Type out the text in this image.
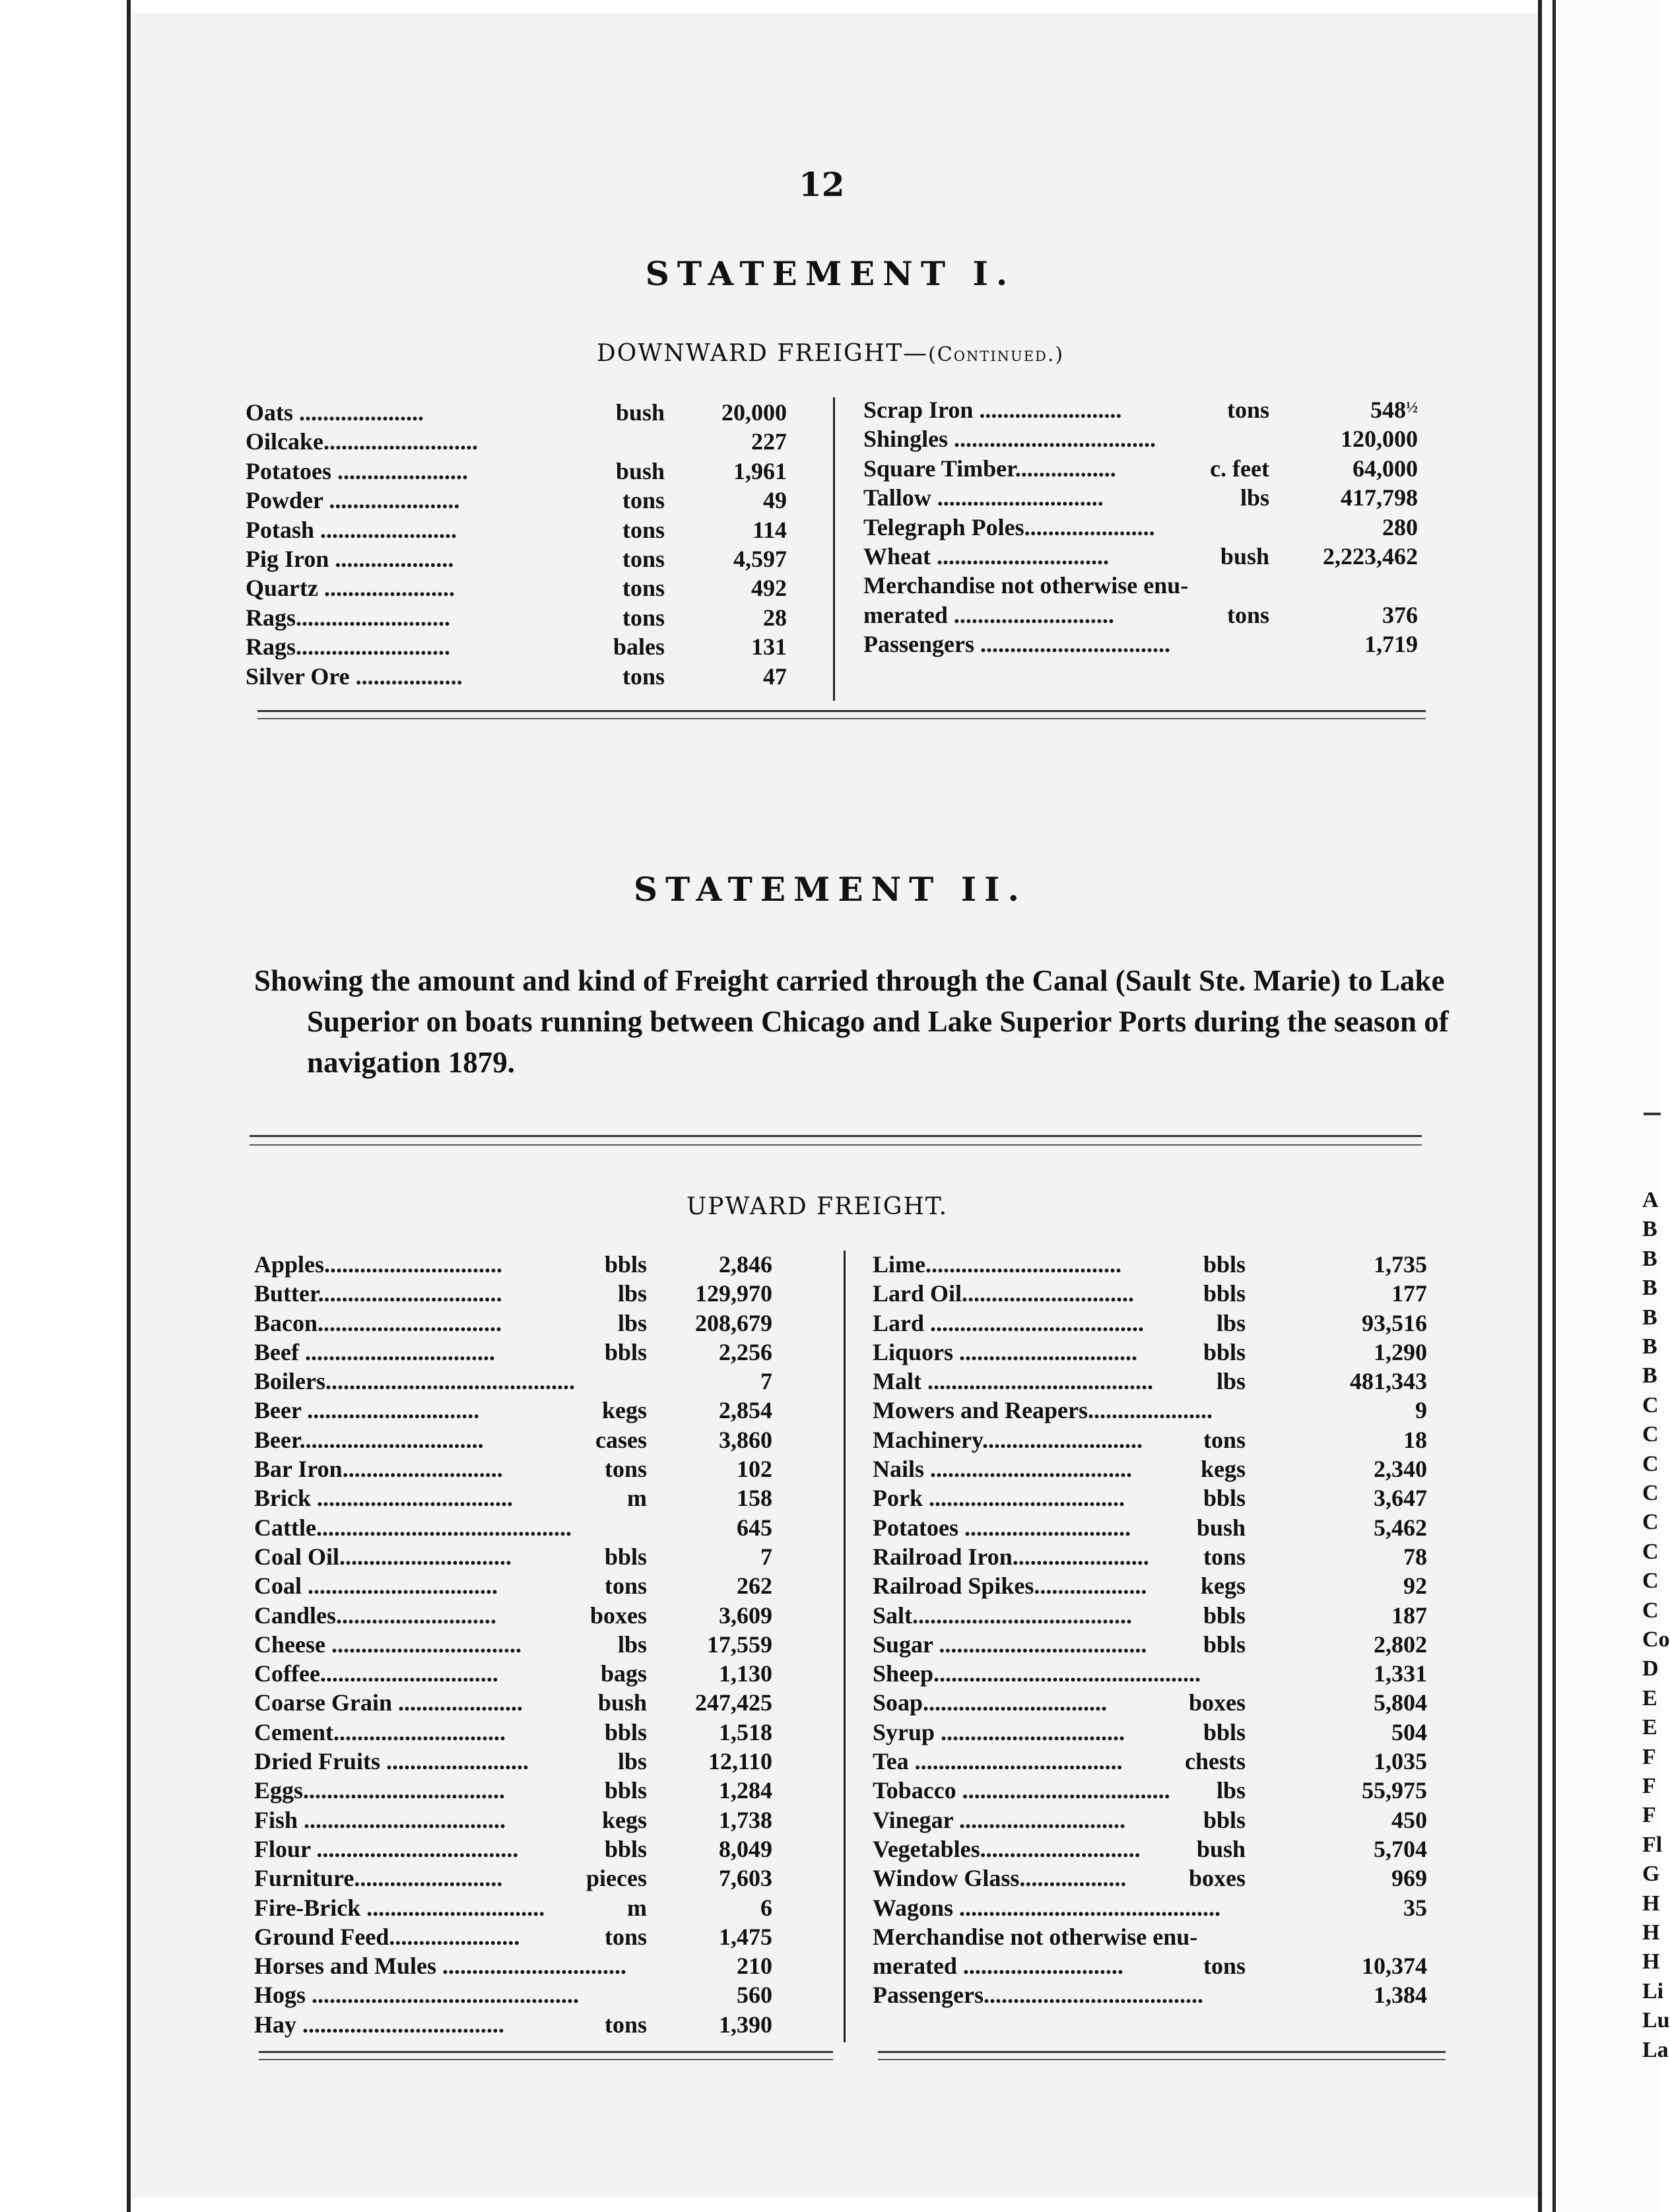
A
B
B
B
B
B
B
C
C
C
C
C
C
C
C
Co
D
E
E
F
F
F
Fl
G
H
H
H
Li
Lu
La
12
STATEMENT I.
DOWNWARD FREIGHT—(Continued.)
Oats .....................	bush	20,000
Oilcake..........................	227
Potatoes ......................	bush	1,961
Powder ......................	tons	49
Potash .......................	tons	114
Pig Iron ....................	tons	4,597
Quartz ......................	tons	492
Rags..........................	tons	28
Rags..........................	bales	131
Silver Ore ..................	tons	47
Scrap Iron ........................	tons	$548^{\frac{1}{2}}$
Shingles ..................................	120,000
Square Timber.................	c. feet	64,000
Tallow ............................	lbs	417,798
Telegraph Poles......................	280
Wheat .............................	bush	2,223,462
Merchandise not otherwise enu-
merated ...........................	tons	376
Passengers ................................	1,719
STATEMENT II.
Showing the amount and kind of Freight carried through the Canal (Sault Ste. Marie) to Lake Superior on boats running between Chicago and Lake Superior Ports during the season of navigation 1879.
UPWARD FREIGHT.
Apples..............................	bbls	2,846
Butter...............................	lbs	129,970
Bacon...............................	lbs	208,679
Beef ................................	bbls	2,256
Boilers..........................................	7
Beer .............................	kegs	2,854
Beer...............................	cases	3,860
Bar Iron...........................	tons	102
Brick .................................	m	158
Cattle...........................................	645
Coal Oil.............................	bbls	7
Coal ................................	tons	262
Candles...........................	boxes	3,609
Cheese ................................	lbs	17,559
Coffee..............................	bags	1,130
Coarse Grain .....................	bush	247,425
Cement.............................	bbls	1,518
Dried Fruits ........................	lbs	12,110
Eggs..................................	bbls	1,284
Fish ..................................	kegs	1,738
Flour ..................................	bbls	8,049
Furniture.........................	pieces	7,603
Fire-Brick ..............................	m	6
Ground Feed......................	tons	1,475
Horses and Mules ...............................	210
Hogs .............................................	560
Hay ..................................	tons	1,390
Lime.................................	bbls	1,735
Lard Oil.............................	bbls	177
Lard ....................................	lbs	93,516
Liquors ..............................	bbls	1,290
Malt ......................................	lbs	481,343
Mowers and Reapers.....................	9
Machinery...........................	tons	18
Nails ..................................	kegs	2,340
Pork .................................	bbls	3,647
Potatoes ............................	bush	5,462
Railroad Iron.......................	tons	78
Railroad Spikes...................	kegs	92
Salt.....................................	bbls	187
Sugar ...................................	bbls	2,802
Sheep.............................................	1,331
Soap...............................	boxes	5,804
Syrup ...............................	bbls	504
Tea ...................................	chests	1,035
Tobacco ...................................	lbs	55,975
Vinegar ............................	bbls	450
Vegetables...........................	bush	5,704
Window Glass..................	boxes	969
Wagons ............................................	35
Merchandise not otherwise enu-
merated ...........................	tons	10,374
Passengers.....................................	1,384
